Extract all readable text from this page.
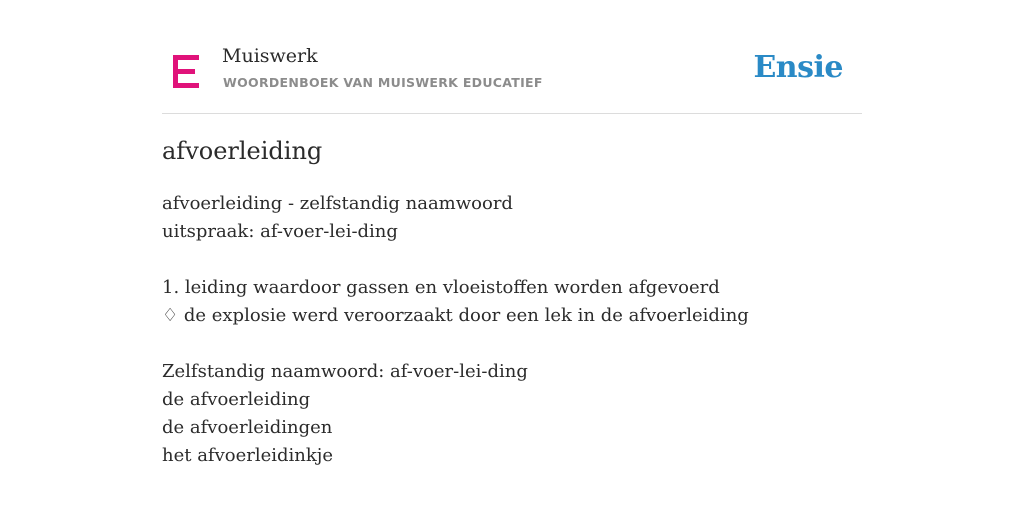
Muiswerk
WOORDENBOEK VAN MUISWERK EDUCATIEF	Ensie
afvoerleiding
afvoerleiding - zelfstandig naamwoord
uitspraak: af-voer-lei-ding
1. leiding waardoor gassen en vloeistoffen worden afgevoerd
♢ de explosie werd veroorzaakt door een lek in de afvoerleiding
Zelfstandig naamwoord: af-voer-lei-ding
de afvoerleiding
de afvoerleidingen
het afvoerleidinkje
